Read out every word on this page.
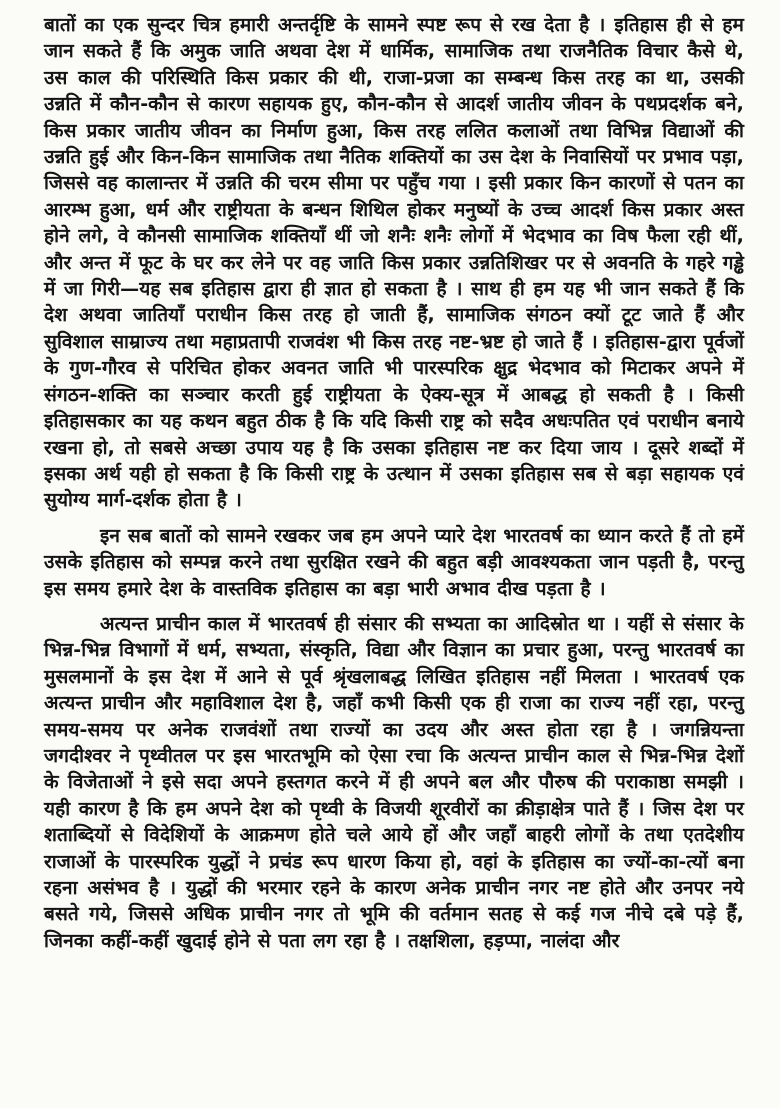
बातों का एक सुन्दर चित्र हमारी अन्तर्दृष्टि के सामने स्पष्ट रूप से रख देता है । इतिहास ही से हम जान सकते हैं कि अमुक जाति अथवा देश में धार्मिक, सामाजिक तथा राजनैतिक विचार कैसे थे, उस काल की परिस्थिति किस प्रकार की थी, राजा-प्रजा का सम्बन्ध किस तरह का था, उसकी उन्नति में कौन-कौन से कारण सहायक हुए, कौन-कौन से आदर्श जातीय जीवन के पथप्रदर्शक बने, किस प्रकार जातीय जीवन का निर्माण हुआ, किस तरह ललित कलाओं तथा विभिन्न विद्याओं की उन्नति हुई और किन-किन सामाजिक तथा नैतिक शक्तियों का उस देश के निवासियों पर प्रभाव पड़ा, जिससे वह कालान्तर में उन्नति की चरम सीमा पर पहुँच गया । इसी प्रकार किन कारणों से पतन का आरम्भ हुआ, धर्म और राष्ट्रीयता के बन्धन शिथिल होकर मनुष्यों के उच्च आदर्श किस प्रकार अस्त होने लगे, वे कौनसी सामाजिक शक्तियाँ थीं जो शनैः शनैः लोगों में भेदभाव का विष फैला रही थीं, और अन्त में फूट के घर कर लेने पर वह जाति किस प्रकार उन्नतिशिखर पर से अवनति के गहरे गड्ढे में जा गिरी—यह सब इतिहास द्वारा ही ज्ञात हो सकता है । साथ ही हम यह भी जान सकते हैं कि देश अथवा जातियाँ पराधीन किस तरह हो जाती हैं, सामाजिक संगठन क्यों टूट जाते हैं और सुविशाल साम्राज्य तथा महाप्रतापी राजवंश भी किस तरह नष्ट-भ्रष्ट हो जाते हैं । इतिहास-द्वारा पूर्वजों के गुण-गौरव से परिचित होकर अवनत जाति भी पारस्परिक क्षुद्र भेदभाव को मिटाकर अपने में संगठन-शक्ति का सञ्चार करती हुई राष्ट्रीयता के ऐक्य-सूत्र में आबद्ध हो सकती है । किसी इतिहासकार का यह कथन बहुत ठीक है कि यदि किसी राष्ट्र को सदैव अधःपतित एवं पराधीन बनाये रखना हो, तो सबसे अच्छा उपाय यह है कि उसका इतिहास नष्ट कर दिया जाय । दूसरे शब्दों में इसका अर्थ यही हो सकता है कि किसी राष्ट्र के उत्थान में उसका इतिहास सब से बड़ा सहायक एवं सुयोग्य मार्ग-दर्शक होता है ।

इन सब बातों को सामने रखकर जब हम अपने प्यारे देश भारतवर्ष का ध्यान करते हैं तो हमें उसके इतिहास को सम्पन्न करने तथा सुरक्षित रखने की बहुत बड़ी आवश्यकता जान पड़ती है, परन्तु इस समय हमारे देश के वास्तविक इतिहास का बड़ा भारी अभाव दीख पड़ता है ।

अत्यन्त प्राचीन काल में भारतवर्ष ही संसार की सभ्यता का आदिस्रोत था । यहीं से संसार के भिन्न-भिन्न विभागों में धर्म, सभ्यता, संस्कृति, विद्या और विज्ञान का प्रचार हुआ, परन्तु भारतवर्ष का मुसलमानों के इस देश में आने से पूर्व श्रृंखलाबद्ध लिखित इतिहास नहीं मिलता । भारतवर्ष एक अत्यन्त प्राचीन और महाविशाल देश है, जहाँ कभी किसी एक ही राजा का राज्य नहीं रहा, परन्तु समय-समय पर अनेक राजवंशों तथा राज्यों का उदय और अस्त होता रहा है । जगन्नियन्ता जगदीश्वर ने पृथ्वीतल पर इस भारतभूमि को ऐसा रचा कि अत्यन्त प्राचीन काल से भिन्न-भिन्न देशों के विजेताओं ने इसे सदा अपने हस्तगत करने में ही अपने बल और पौरुष की पराकाष्ठा समझी । यही कारण है कि हम अपने देश को पृथ्वी के विजयी शूरवीरों का क्रीड़ाक्षेत्र पाते हैं । जिस देश पर शताब्दियों से विदेशियों के आक्रमण होते चले आये हों और जहाँ बाहरी लोगों के तथा एतदेशीय राजाओं के पारस्परिक युद्धों ने प्रचंड रूप धारण किया हो, वहां के इतिहास का ज्यों-का-त्यों बना रहना असंभव है । युद्धों की भरमार रहने के कारण अनेक प्राचीन नगर नष्ट होते और उनपर नये बसते गये, जिससे अधिक प्राचीन नगर तो भूमि की वर्तमान सतह से कई गज नीचे दबे पड़े हैं, जिनका कहीं-कहीं खुदाई होने से पता लग रहा है । तक्षशिला, हड़प्पा, नालंदा और
